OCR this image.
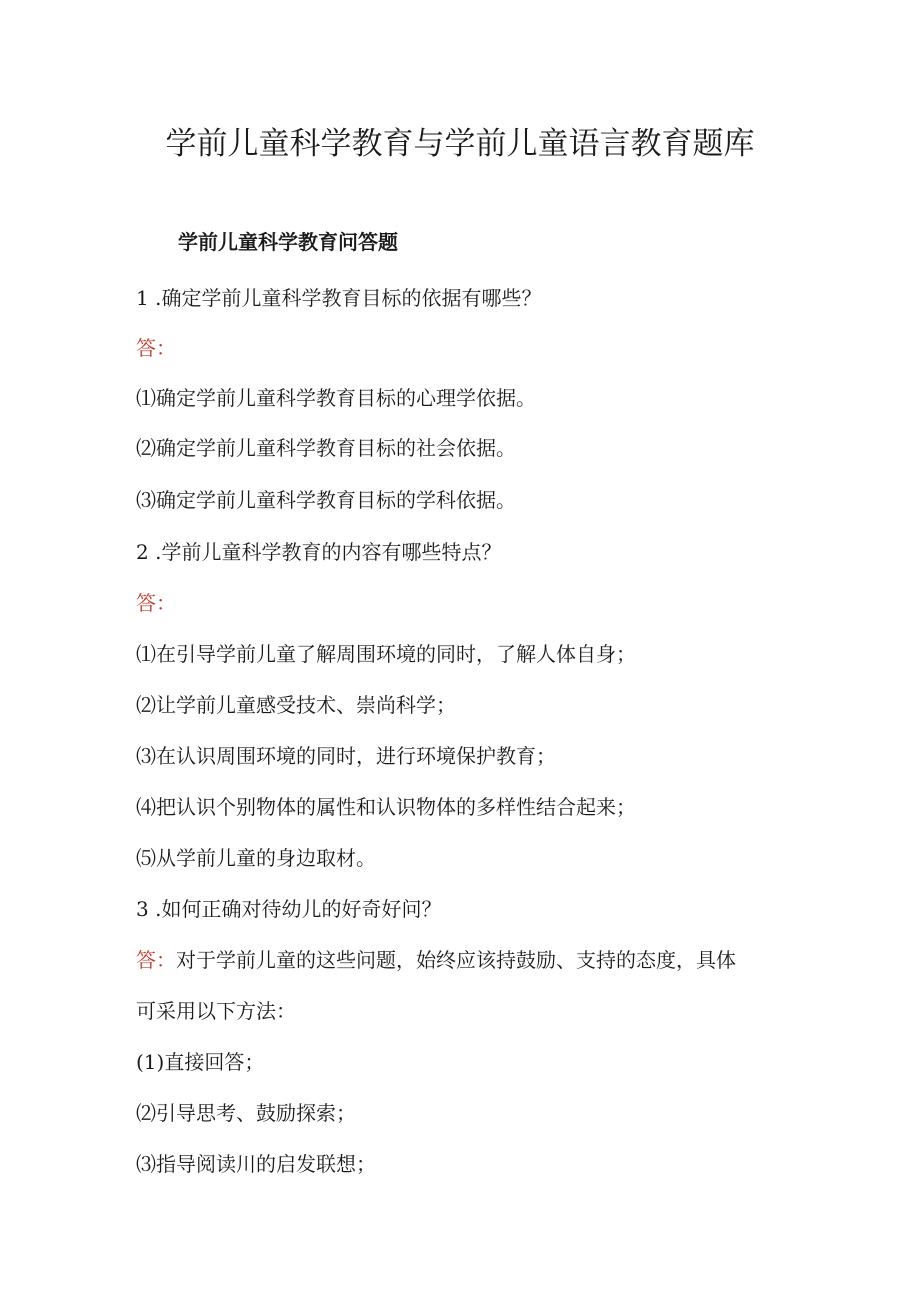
学前儿童科学教育与学前儿童语言教育题库
学前儿童科学教育问答题

1 .确定学前儿童科学教育目标的依据有哪些？

答：

⑴确定学前儿童科学教育目标的心理学依据。

⑵确定学前儿童科学教育目标的社会依据。

⑶确定学前儿童科学教育目标的学科依据。

2 .学前儿童科学教育的内容有哪些特点？

答：

⑴在引导学前儿童了解周围环境的同时，了解人体自身；

⑵让学前儿童感受技术、崇尚科学；

⑶在认识周围环境的同时，进行环境保护教育；

⑷把认识个别物体的属性和认识物体的多样性结合起来；

⑸从学前儿童的身边取材。

3 .如何正确对待幼儿的好奇好问？

答：对于学前儿童的这些问题，始终应该持鼓励、支持的态度，具体

可采用以下方法：

(1)直接回答；

⑵引导思考、鼓励探索；

⑶指导阅读川的启发联想；
